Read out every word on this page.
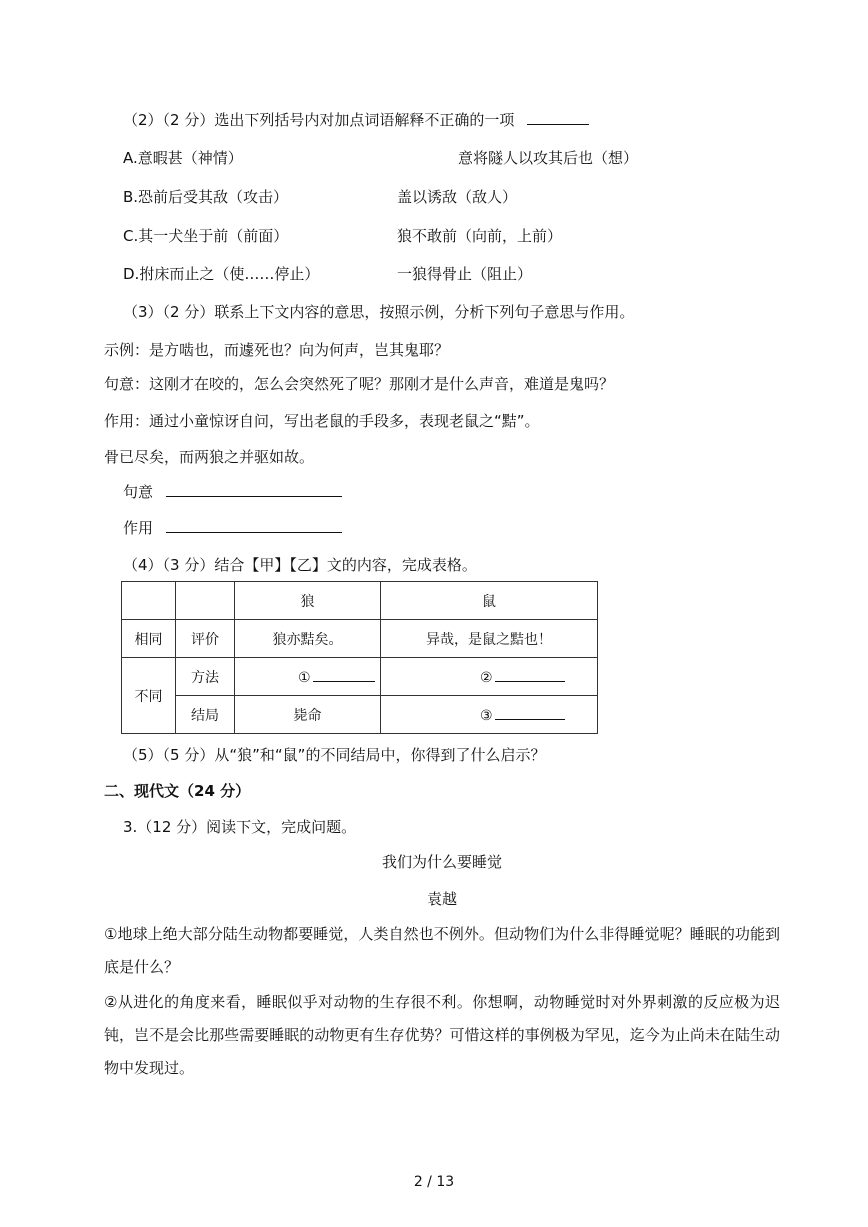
（2）（2 分）选出下列括号内对加点词语解释不正确的一项
A.意暇甚（神情）	意将隧人以攻其后也（想）
B.恐前后受其敌（攻击）	盖以诱敌（敌人）
C.其一犬坐于前（前面）	狼不敢前（向前，上前）
D.拊床而止之（使……停止）	一狼得骨止（阻止）
（3）（2 分）联系上下文内容的意思，按照示例，分析下列句子意思与作用。
示例：是方啮也，而遽死也？向为何声，岂其鬼耶？
句意：这刚才在咬的，怎么会突然死了呢？那刚才是什么声音，难道是鬼吗？
作用：通过小童惊讶自问，写出老鼠的手段多，表现老鼠之“黠”。
骨已尽矣，而两狼之并驱如故。
句意
作用
（4）（3 分）结合【甲】【乙】文的内容，完成表格。
		狼	鼠
相同	评价	狼亦黠矣。	异哉，是鼠之黠也！
不同	方法	①	②
	结局	毙命	③
（5）（5 分）从“狼”和“鼠”的不同结局中，你得到了什么启示？
二、现代文（24 分）
3.（12 分）阅读下文，完成问题。
我们为什么要睡觉
袁越
①地球上绝大部分陆生动物都要睡觉，人类自然也不例外。但动物们为什么非得睡觉呢？睡眠的功能到底是什么？
②从进化的角度来看，睡眠似乎对动物的生存很不利。你想啊，动物睡觉时对外界刺激的反应极为迟钝，岂不是会比那些需要睡眠的动物更有生存优势？可惜这样的事例极为罕见，迄今为止尚未在陆生动物中发现过。
2 / 13
